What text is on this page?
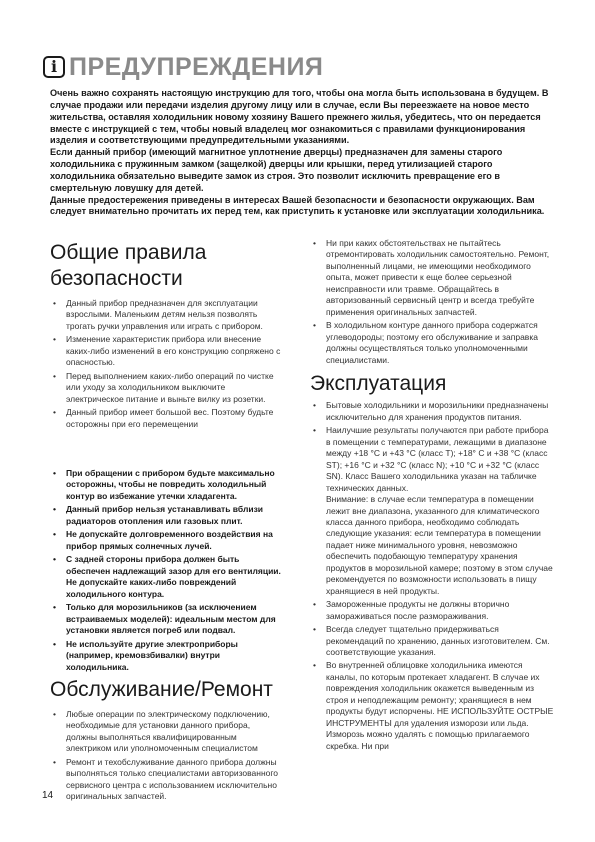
i ПРЕДУПРЕЖДЕНИЯ

Очень важно сохранять настоящую инструкцию для того, чтобы она могла быть использована в будущем. В случае продажи или передачи изделия другому лицу или в случае, если Вы переезжаете на новое место жительства, оставляя холодильник новому хозяину Вашего прежнего жилья, убедитесь, что он передается вместе с инструкцией с тем, чтобы новый владелец мог ознакомиться с правилами функционирования изделия и соответствующими предупредительными указаниями.

Если данный прибор (имеющий магнитное уплотнение дверцы) предназначен для замены старого холодильника с пружинным замком (защелкой) дверцы или крышки, перед утилизацией старого холодильника обязательно выведите замок из строя. Это позволит исключить превращение его в смертельную ловушку для детей.

Данные предостережения приведены в интересах Вашей безопасности и безопасности окружающих. Вам следует внимательно прочитать их перед тем, как приступить к установке или эксплуатации холодильника.

Общие правила безопасности
• Данный прибор предназначен для эксплуатации взрослыми. Маленьким детям нельзя позволять трогать ручки управления или играть с прибором.
• Изменение характеристик прибора или внесение каких-либо изменений в его конструкцию сопряжено с опасностью.
• Перед выполнением каких-либо операций по чистке или уходу за холодильником выключите электрическое питание и выньте вилку из розетки.
• Данный прибор имеет большой вес. Поэтому будьте осторожны при его перемещении
• При обращении с прибором будьте максимально осторожны, чтобы не повредить холодильный контур во избежание утечки хладагента.
• Данный прибор нельзя устанавливать вблизи радиаторов отопления или газовых плит.
• Не допускайте долговременного воздействия на прибор прямых солнечных лучей.
• С задней стороны прибора должен быть обеспечен надлежащий зазор для его вентиляции. Не допускайте каких-либо повреждений холодильного контура.
• Только для морозильников (за исключением встраиваемых моделей): идеальным местом для установки является погреб или подвал.
• Не используйте другие электроприборы (например, кремовзбивалки) внутри холодильника.
Обслуживание/Ремонт
• Любые операции по электрическому подключению, необходимые для установки данного прибора, должны выполняться квалифицированным электриком или уполномоченным специалистом
• Ремонт и техобслуживание данного прибора должны выполняться только специалистами авторизованного сервисного центра с использованием исключительно оригинальных запчастей.
• Ни при каких обстоятельствах не пытайтесь отремонтировать холодильник самостоятельно. Ремонт, выполненный лицами, не имеющими необходимого опыта, может привести к еще более серьезной неисправности или травме. Обращайтесь в авторизованный сервисный центр и всегда требуйте применения оригинальных запчастей.
• В холодильном контуре данного прибора содержатся углеводороды; поэтому его обслуживание и заправка должны осуществляться только уполномоченными специалистами.
Эксплуатация
• Бытовые холодильники и морозильники предназначены исключительно для хранения продуктов питания.
• Наилучшие результаты получаются при работе прибора в помещении с температурами, лежащими в диапазоне между +18 °C и +43 °C (класс T); +18° C и +38 °C (класс ST); +16 °C и +32 °C (класс N); +10 °C и +32 °C (класс SN). Класс Вашего холодильника указан на табличке технических данных.
Внимание: в случае если температура в помещении лежит вне диапазона, указанного для климатического класса данного прибора, необходимо соблюдать следующие указания: если температура в помещении падает ниже минимального уровня, невозможно обеспечить подобающую температуру хранения продуктов в морозильной камере; поэтому в этом случае рекомендуется по возможности использовать в пищу хранящиеся в ней продукты.
• Замороженные продукты не должны вторично замораживаться после размораживания.
• Всегда следует тщательно придерживаться рекомендаций по хранению, данных изготовителем. См. соответствующие указания.
• Во внутренней облицовке холодильника имеются каналы, по которым протекает хладагент. В случае их повреждения холодильник окажется выведенным из строя и неподлежащим ремонту; хранящиеся в нем продукты будут испорчены. НЕ ИСПОЛЬЗУЙТЕ ОСТРЫЕ ИНСТРУМЕНТЫ для удаления изморози или льда. Изморозь можно удалять с помощью прилагаемого скребка. Ни при
14
